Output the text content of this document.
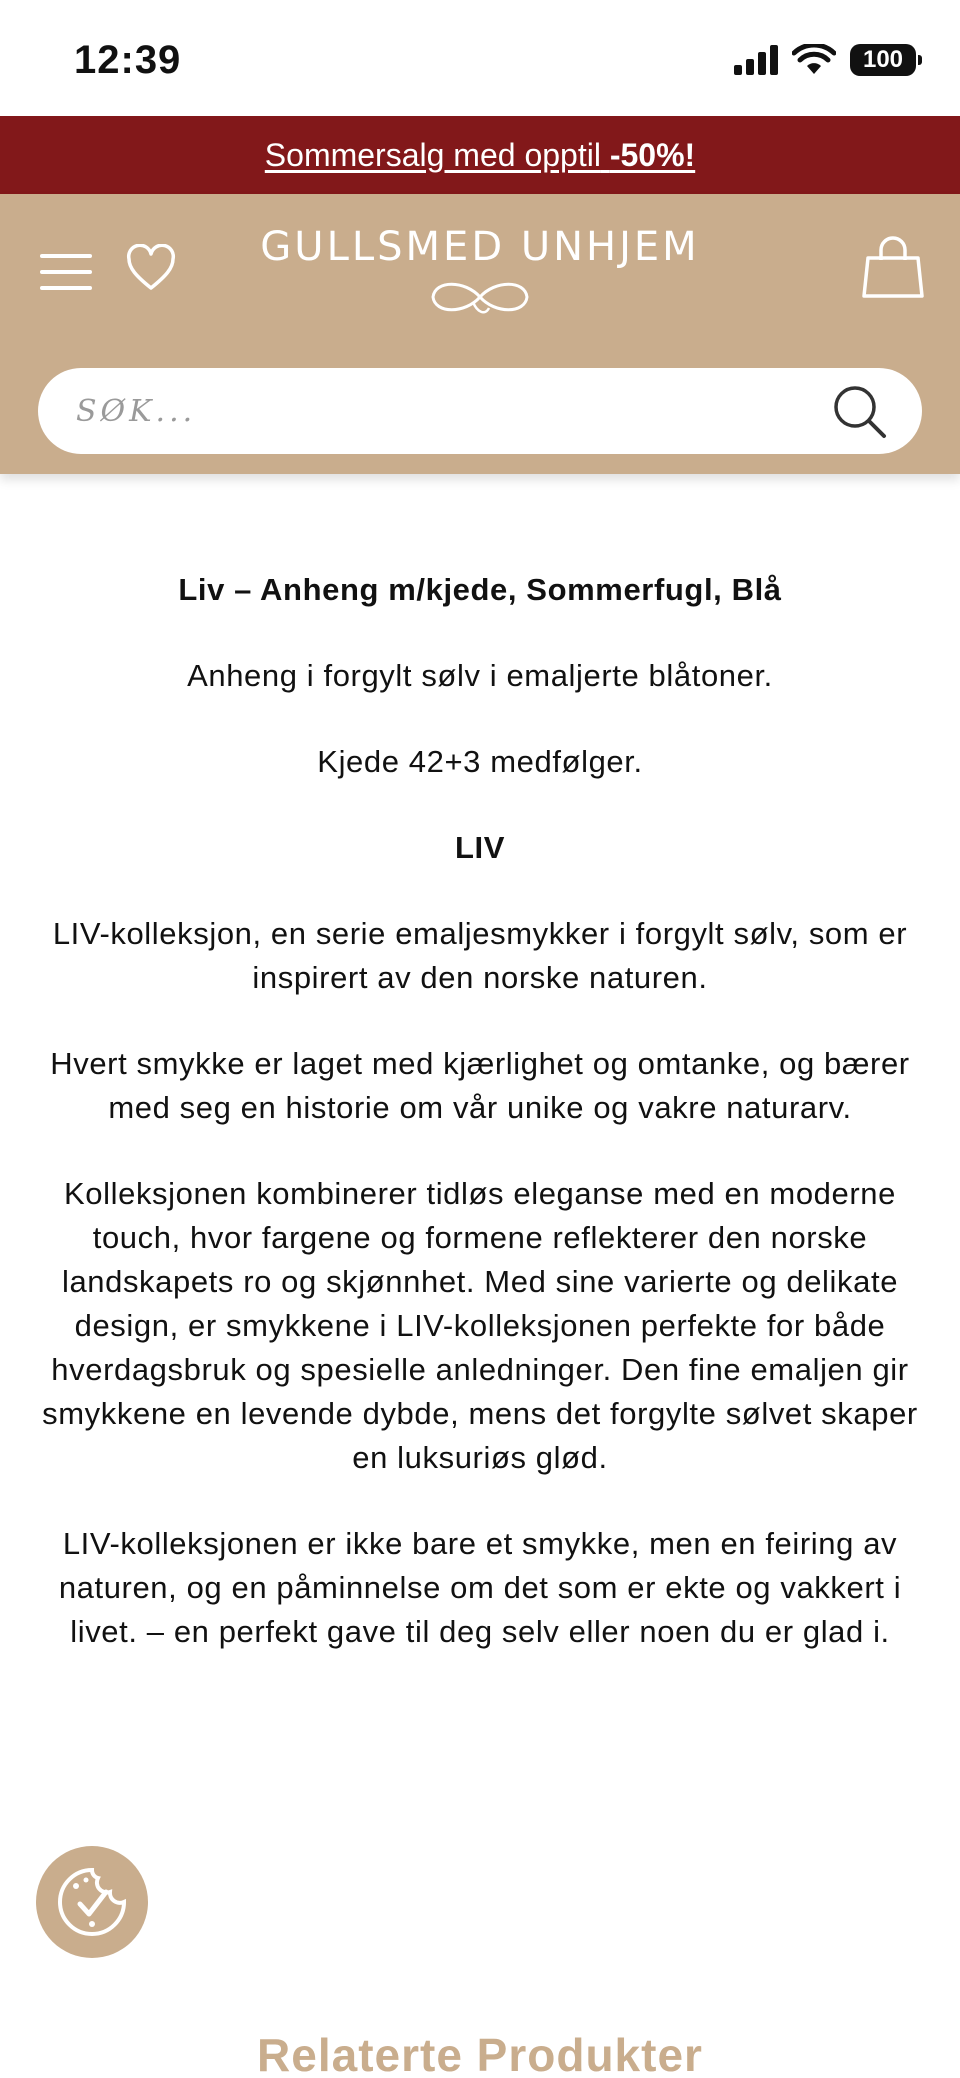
12:39	100
Sommersalg med opptil -50%!
GULLSMED UNHJEM
SØK...

Liv – Anheng m/kjede, Sommerfugl, Blå

Anheng i forgylt sølv i emaljerte blåtoner.

Kjede 42+3 medfølger.

LIV

LIV-kolleksjon, en serie emaljesmykker i forgylt sølv, som er inspirert av den norske naturen.

Hvert smykke er laget med kjærlighet og omtanke, og bærer med seg en historie om vår unike og vakre naturarv.

Kolleksjonen kombinerer tidløs eleganse med en moderne touch, hvor fargene og formene reflekterer den norske landskapets ro og skjønnhet. Med sine varierte og delikate design, er smykkene i LIV-kolleksjonen perfekte for både hverdagsbruk og spesielle anledninger. Den fine emaljen gir smykkene en levende dybde, mens det forgylte sølvet skaper en luksuriøs glød.

LIV-kolleksjonen er ikke bare et smykke, men en feiring av naturen, og en påminnelse om det som er ekte og vakkert i livet. – en perfekt gave til deg selv eller noen du er glad i.

Relaterte Produkter
